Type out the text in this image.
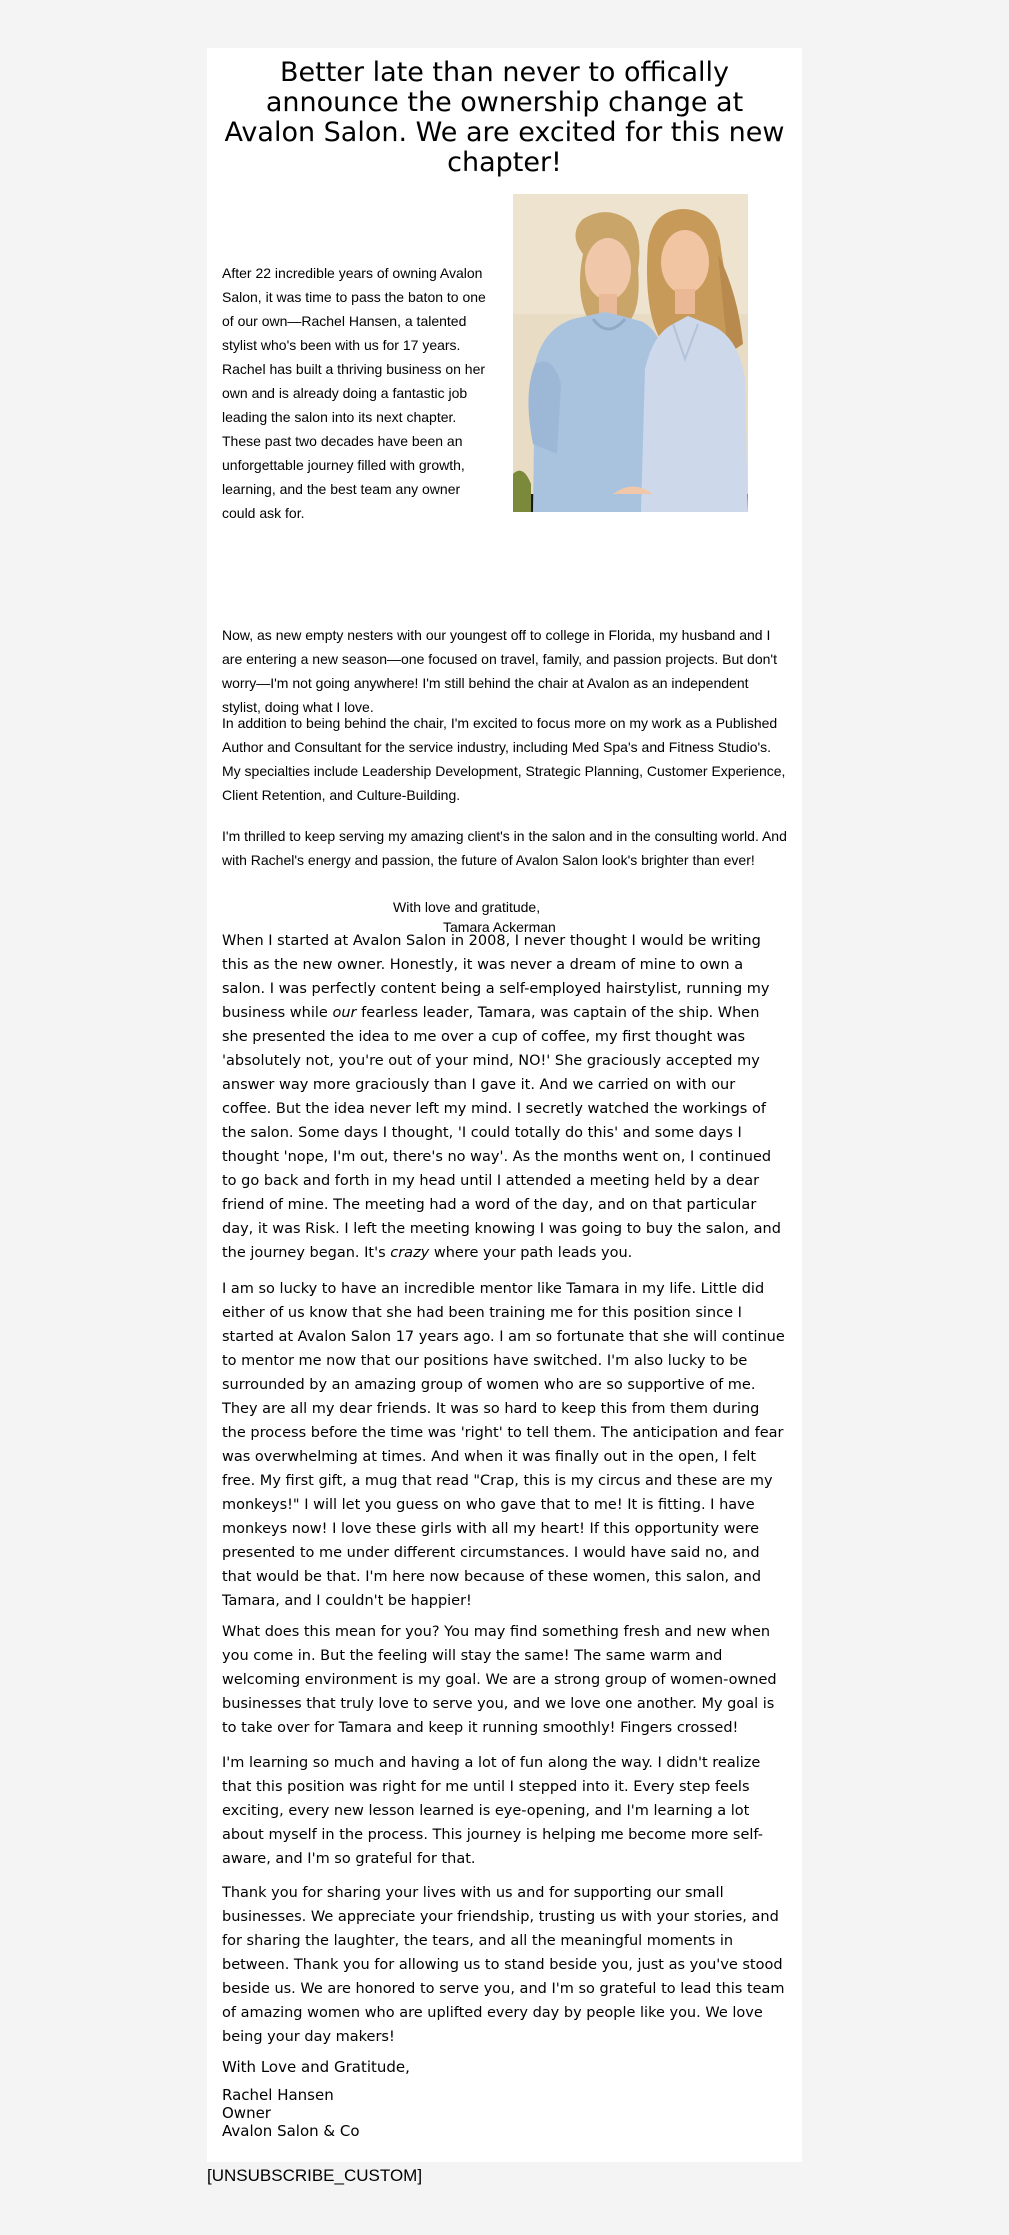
Better late than never to offically announce the ownership change at Avalon Salon. We are excited for this new chapter!

After 22 incredible years of owning Avalon Salon, it was time to pass the baton to one of our own—Rachel Hansen, a talented stylist who's been with us for 17 years. Rachel has built a thriving business on her own and is already doing a fantastic job leading the salon into its next chapter. These past two decades have been an unforgettable journey filled with growth, learning, and the best team any owner could ask for.

Now, as new empty nesters with our youngest off to college in Florida, my husband and I are entering a new season—one focused on travel, family, and passion projects. But don't worry—I'm not going anywhere! I'm still behind the chair at Avalon as an independent stylist, doing what I love.

In addition to being behind the chair, I'm excited to focus more on my work as a Published Author and Consultant for the service industry, including Med Spa's and Fitness Studio's. My specialties include Leadership Development, Strategic Planning, Customer Experience, Client Retention, and Culture-Building.

I'm thrilled to keep serving my amazing client's in the salon and in the consulting world. And with Rachel's energy and passion, the future of Avalon Salon look's brighter than ever!

With love and gratitude,

Tamara Ackerman

When I started at Avalon Salon in 2008, I never thought I would be writing this as the new owner. Honestly, it was never a dream of mine to own a salon. I was perfectly content being a self-employed hairstylist, running my business while our fearless leader, Tamara, was captain of the ship. When she presented the idea to me over a cup of coffee, my first thought was 'absolutely not, you're out of your mind, NO!' She graciously accepted my answer way more graciously than I gave it. And we carried on with our coffee. But the idea never left my mind. I secretly watched the workings of the salon. Some days I thought, 'I could totally do this' and some days I thought 'nope, I'm out, there's no way'. As the months went on, I continued to go back and forth in my head until I attended a meeting held by a dear friend of mine. The meeting had a word of the day, and on that particular day, it was Risk. I left the meeting knowing I was going to buy the salon, and the journey began. It's crazy where your path leads you.

I am so lucky to have an incredible mentor like Tamara in my life. Little did either of us know that she had been training me for this position since I started at Avalon Salon 17 years ago. I am so fortunate that she will continue to mentor me now that our positions have switched. I'm also lucky to be surrounded by an amazing group of women who are so supportive of me. They are all my dear friends. It was so hard to keep this from them during the process before the time was 'right' to tell them. The anticipation and fear was overwhelming at times. And when it was finally out in the open, I felt free. My first gift, a mug that read "Crap, this is my circus and these are my monkeys!" I will let you guess on who gave that to me! It is fitting. I have monkeys now! I love these girls with all my heart! If this opportunity were presented to me under different circumstances. I would have said no, and that would be that. I'm here now because of these women, this salon, and Tamara, and I couldn't be happier!

What does this mean for you? You may find something fresh and new when you come in. But the feeling will stay the same! The same warm and welcoming environment is my goal. We are a strong group of women-owned businesses that truly love to serve you, and we love one another. My goal is to take over for Tamara and keep it running smoothly! Fingers crossed!

I'm learning so much and having a lot of fun along the way. I didn't realize that this position was right for me until I stepped into it. Every step feels exciting, every new lesson learned is eye-opening, and I'm learning a lot about myself in the process. This journey is helping me become more self-aware, and I'm so grateful for that.

Thank you for sharing your lives with us and for supporting our small businesses. We appreciate your friendship, trusting us with your stories, and for sharing the laughter, the tears, and all the meaningful moments in between. Thank you for allowing us to stand beside you, just as you've stood beside us. We are honored to serve you, and I'm so grateful to lead this team of amazing women who are uplifted every day by people like you. We love being your day makers!

With Love and Gratitude,

Rachel Hansen

Owner

Avalon Salon & Co

[UNSUBSCRIBE_CUSTOM]
